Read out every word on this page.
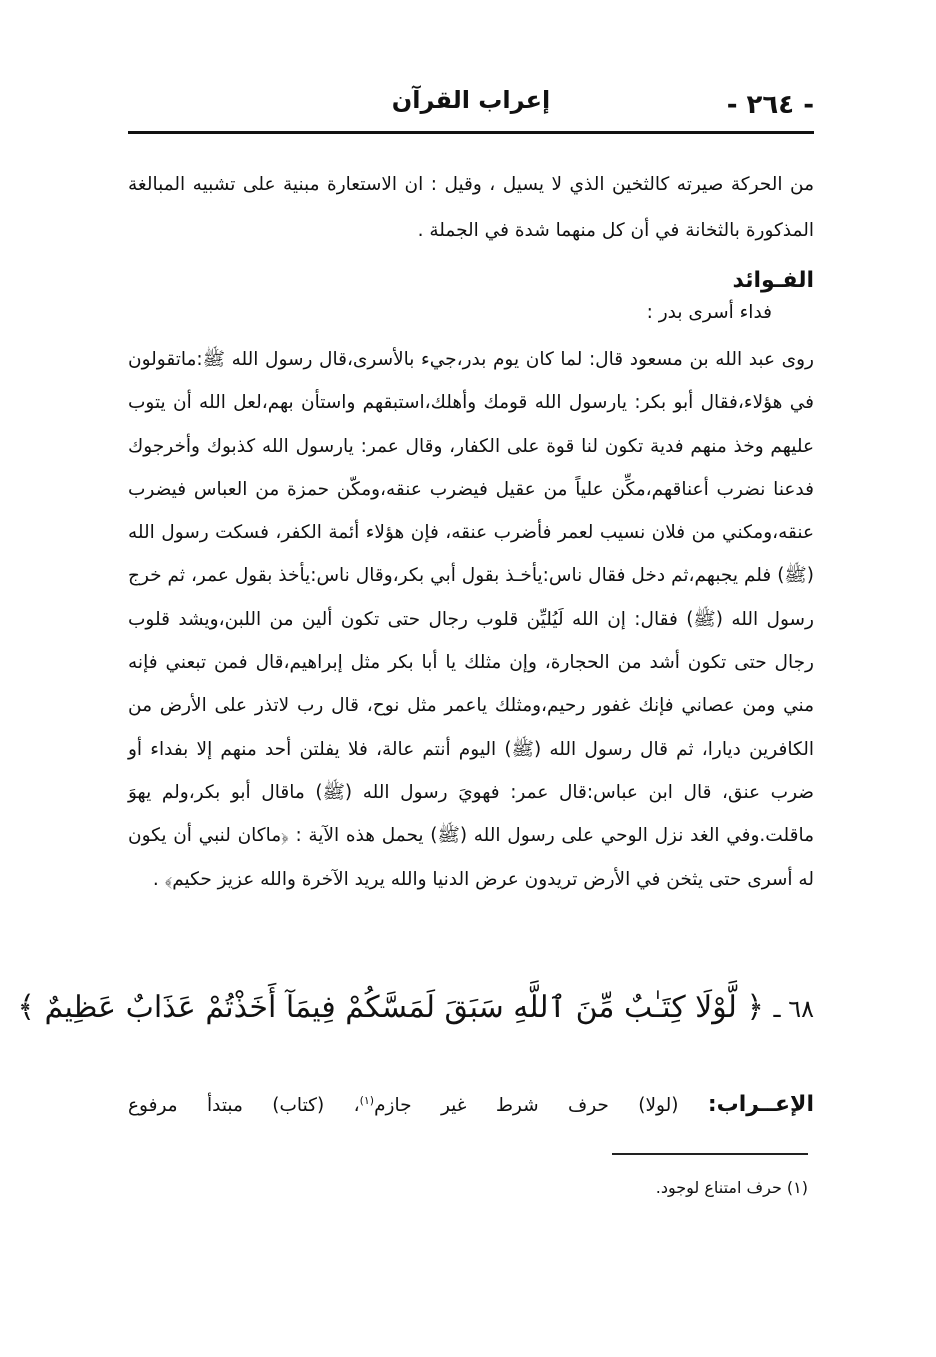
- ٢٦٤ -
إعراب القرآن
من الحركة صيرته كالثخين الذي لا يسيل ، وقيل : ان الاستعارة مبنية على تشبيه المبالغة المذكورة بالثخانة في أن كل منهما شدة في الجملة .
الفـوائد
فداء أسرى بدر :
روى عبد الله بن مسعود قال: لما كان يوم بدر،جيء بالأسرى،قال رسول الله ﷺ:ماتقولون في هؤلاء،فقال أبو بكر: يارسول الله قومك وأهلك،استبقهم واستأن بهم،لعل الله أن يتوب عليهم وخذ منهم فدية تكون لنا قوة على الكفار، وقال عمر: يارسول الله كذبوك وأخرجوك فدعنا نضرب أعناقهم،مكِّن علياً من عقيل فيضرب عنقه،ومكّن حمزة من العباس فيضرب عنقه،ومكني من فلان نسيب لعمر فأضرب عنقه، فإن هؤلاء أئمة الكفر، فسكت رسول الله (ﷺ) فلم يجبهم،ثم دخل فقال ناس:يأخـذ بقول أبي بكر،وقال ناس:يأخذ بقول عمر، ثم خرج رسول الله (ﷺ) فقال: إن الله لَيُليِّن قلوب رجال حتى تكون ألين من اللبن،ويشد قلوب رجال حتى تكون أشد من الحجارة، وإن مثلك يا أبا بكر مثل إبراهيم،قال فمن تبعني فإنه مني ومن عصاني فإنك غفور رحيم،ومثلك ياعمر مثل نوح، قال رب لاتذر على الأرض من الكافرين ديارا، ثم قال رسول الله (ﷺ) اليوم أنتم عالة، فلا يفلتن أحد منهم إلا بفداء أو ضرب عنق، قال ابن عباس:قال عمر: فهويَ رسول الله (ﷺ) ماقال أبو بكر،ولم يهوَ ماقلت.وفي الغد نزل الوحي على رسول الله (ﷺ) يحمل هذه الآية : ﴿ماكان لنبي أن يكون له أسرى حتى يثخن في الأرض تريدون عرض الدنيا والله يريد الآخرة والله عزيز حكيم﴾ .
٦٨ ـ ﴿ لَّوْلَا كِتَـٰبٌ مِّنَ ٱللَّهِ سَبَقَ لَمَسَّكُمْ فِيمَآ أَخَذْتُمْ عَذَابٌ عَظِيمٌ ﴾
الإعــراب: (لولا) حرف شرط غير جازم$^{(١)}$، (كتاب) مبتدأ مرفوع
(١) حرف امتناع لوجود.
